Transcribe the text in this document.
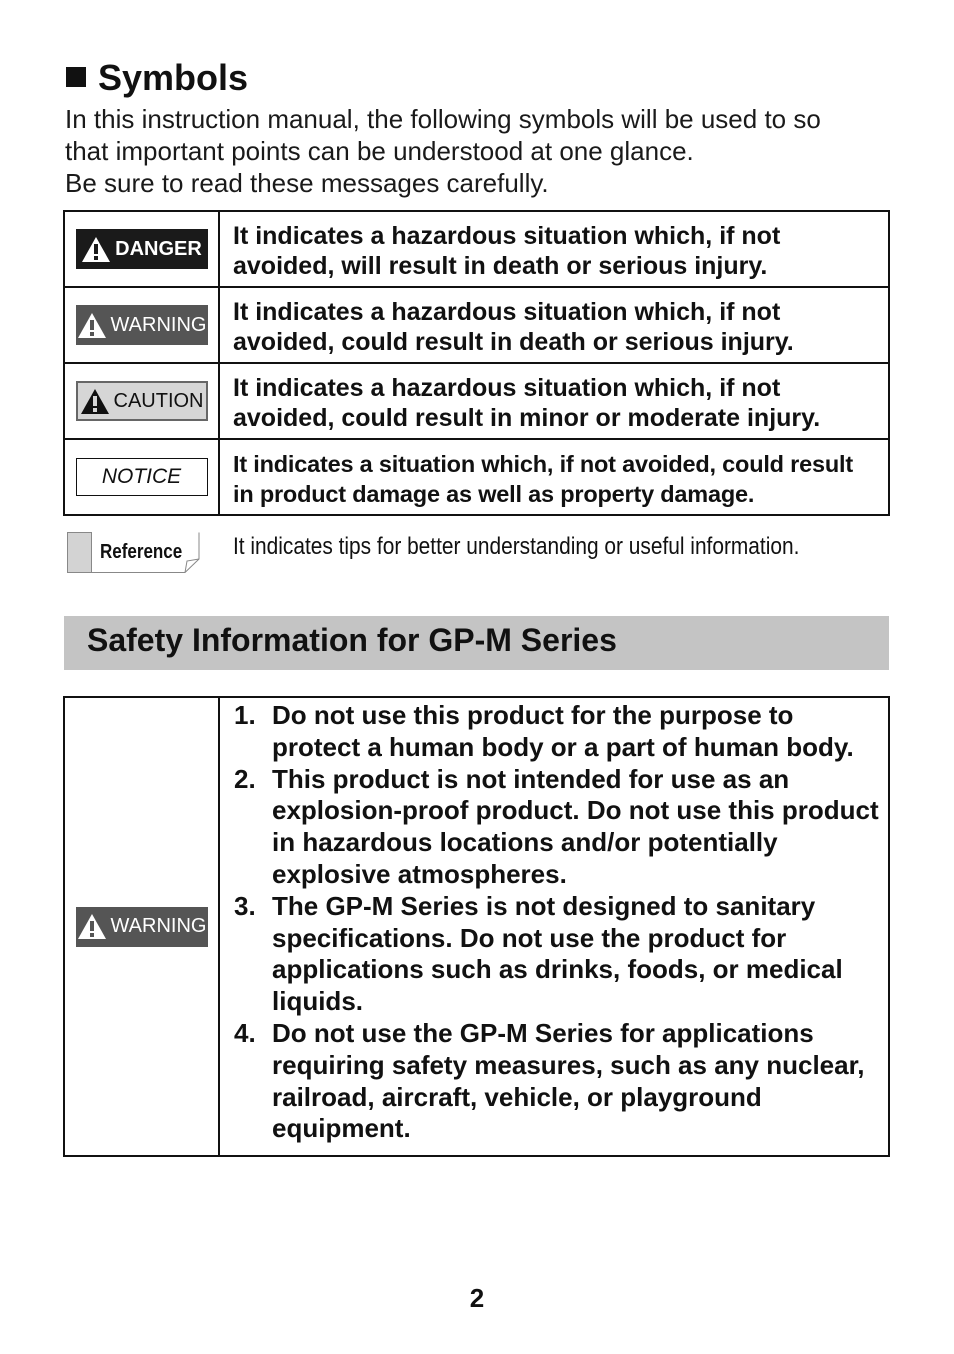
Symbols

In this instruction manual, the following symbols will be used to so

that important points can be understood at one glance.

Be sure to read these messages carefully.

DANGER	It indicates a hazardous situation which, if not avoided, will result in death or serious injury.

WARNING	It indicates a hazardous situation which, if not avoided, could result in death or serious injury.

CAUTION	It indicates a hazardous situation which, if not avoided, could result in minor or moderate injury.

NOTICE	It indicates a situation which, if not avoided, could result in product damage as well as property damage.
Reference It indicates tips for better understanding or useful information.
Safety Information for GP-M Series
WARNING

1. Do not use this product for the purpose to protect a human body or a part of human body.
2. This product is not intended for use as an explosion-proof product. Do not use this product in hazardous locations and/or potentially explosive atmospheres.
3. The GP-M Series is not designed to sanitary specifications. Do not use the product for applications such as drinks, foods, or medical liquids.
4. Do not use the GP-M Series for applications requiring safety measures, such as any nuclear, railroad, aircraft, vehicle, or playground equipment.
2
